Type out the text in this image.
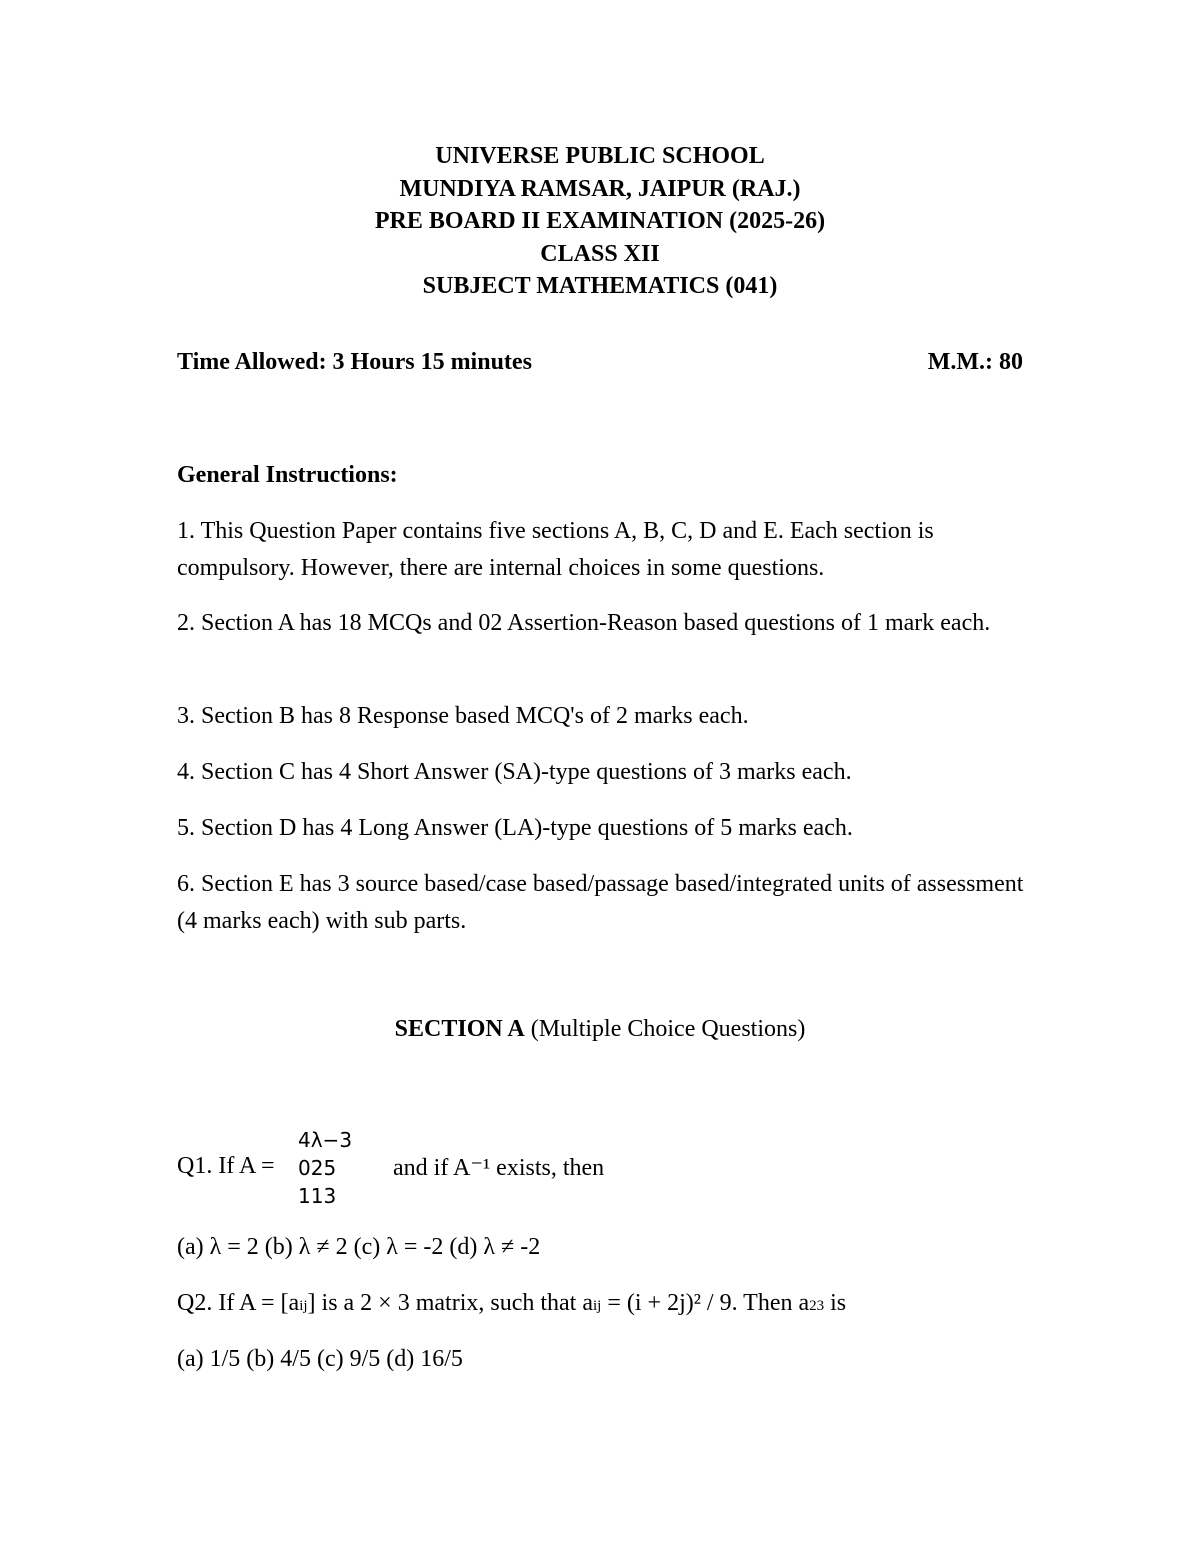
UNIVERSE PUBLIC SCHOOL
MUNDIYA RAMSAR, JAIPUR (RAJ.)
PRE BOARD II EXAMINATION (2025-26)
CLASS XII
SUBJECT MATHEMATICS (041)
Time Allowed: 3 Hours 15 minutes	M.M.: 80
General Instructions:
1. This Question Paper contains five sections A, B, C, D and E. Each section is compulsory. However, there are internal choices in some questions.
2. Section A has 18 MCQs and 02 Assertion-Reason based questions of 1 mark each.
3. Section B has 8 Response based MCQ's of 2 marks each.
4. Section C has 4 Short Answer (SA)-type questions of 3 marks each.
5. Section D has 4 Long Answer (LA)-type questions of 5 marks each.
6. Section E has 3 source based/case based/passage based/integrated units of assessment (4 marks each) with sub parts.
SECTION A (Multiple Choice Questions)
Q1. If A =
4λ−3
025
113
and if A⁻¹ exists, then
(a) λ = 2 (b) λ ≠ 2 (c) λ = -2 (d) λ ≠ -2
Q2. If A = [aij] is a 2 × 3 matrix, such that aij = (i + 2j)² / 9. Then a23 is
(a) 1/5 (b) 4/5 (c) 9/5 (d) 16/5
